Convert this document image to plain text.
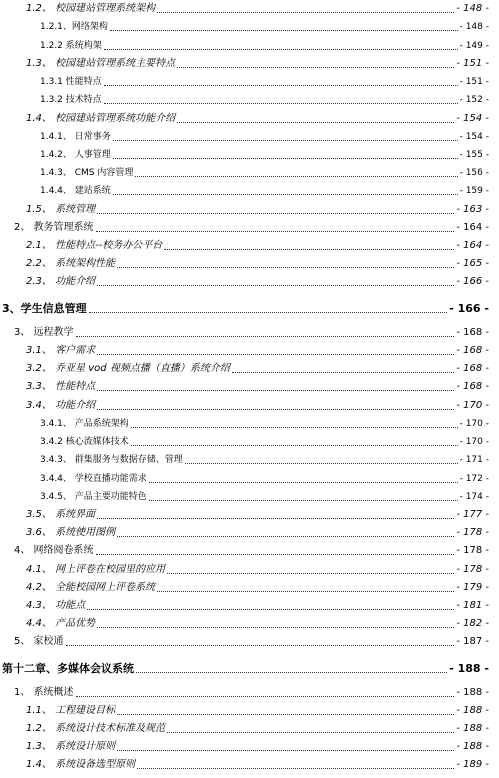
1.2、 校园建站管理系统架构	- 148 -
1.2.1、网络架构	- 148 -
1.2.2 系统构架	- 149 -
1.3、 校园建站管理系统主要特点	- 151 -
1.3.1 性能特点	- 151 -
1.3.2 技术特点	- 152 -
1.4、 校园建站管理系统功能介绍	- 154 -
1.4.1、 日常事务	- 154 -
1.4.2、 人事管理	- 155 -
1.4.3、 CMS 内容管理	- 156 -
1.4.4、 建站系统	- 159 -
1.5、 系统管理	- 163 -
2、 教务管理系统	- 164 -
2.1、 性能特点--校务办公平台	- 164 -
2.2、 系统架构性能	- 165 -
2.3、 功能介绍	- 166 -
3、学生信息管理	- 166 -
3、 远程教学	- 168 -
3.1、 客户需求	- 168 -
3.2、 乔亚星 vod 视频点播（直播）系统介绍	- 168 -
3.3、 性能特点	- 168 -
3.4、 功能介绍	- 170 -
3.4.1、 产品系统架构	- 170 -
3.4.2 核心流媒体技术	- 170 -
3.4.3、 群集服务与数据存储、管理	- 171 -
3.4.4、 学校直播功能需求	- 172 -
3.4.5、 产品主要功能特色	- 174 -
3.5、 系统界面	- 177 -
3.6、 系统使用图例	- 178 -
4、 网络阅卷系统	- 178 -
4.1、 网上评卷在校园里的应用	- 178 -
4.2、 全能校园网上评卷系统	- 179 -
4.3、 功能点	- 181 -
4.4、 产品优势	- 182 -
5、 家校通	- 187 -
第十二章、多媒体会议系统	- 188 -
1、 系统概述	- 188 -
1.1、 工程建设目标	- 188 -
1.2、 系统设计技术标准及规范	- 188 -
1.3、 系统设计原则	- 188 -
1.4、 系统设备选型原则	- 189 -
